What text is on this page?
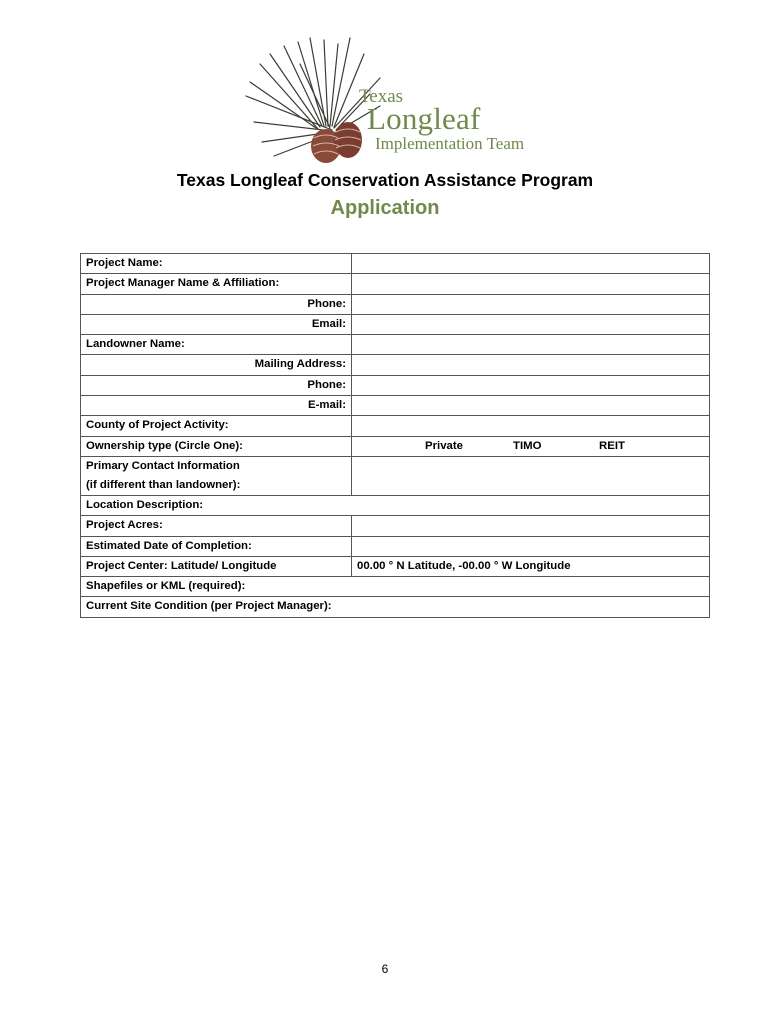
Texas
Longleaf
Implementation Team
Texas Longleaf Conservation Assistance Program
Application
Project Name:	
Project Manager Name & Affiliation:	
Phone:	
Email:	
Landowner Name:	
Mailing Address:	
Phone:	
E-mail:	
County of Project Activity:	
Ownership type (Circle One):	Private TIMO REIT

Primary Contact Information
(if different than landowner):	

Location Description:	
Project Acres:	
Estimated Date of Completion:	
Project Center: Latitude/ Longitude	00.00 ° N Latitude, -00.00 ° W Longitude
Shapefiles or KML (required):	
Current Site Condition (per Project Manager):	
6
